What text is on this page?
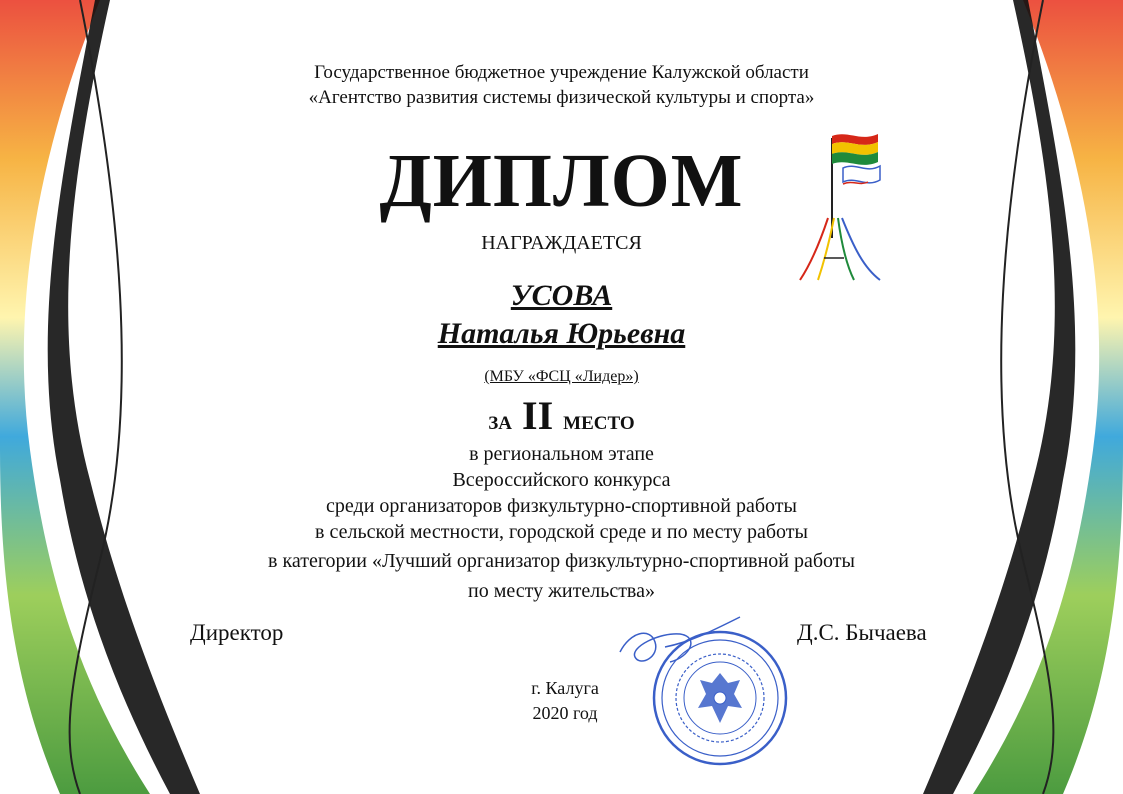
Государственное бюджетное учреждение Калужской области
«Агентство развития системы физической культуры и спорта»
ДИПЛОМ
НАГРАЖДАЕТСЯ
УСОВА
Наталья Юрьевна
(МБУ «ФСЦ «Лидер»)
ЗА II МЕСТО
в региональном этапе
Всероссийского конкурса
среди организаторов физкультурно-спортивной работы
в сельской местности, городской среде и по месту работы
в категории «Лучший организатор физкультурно-спортивной работы
по месту жительства»
Директор	Д.С. Бычаева
г. Калуга
2020 год
